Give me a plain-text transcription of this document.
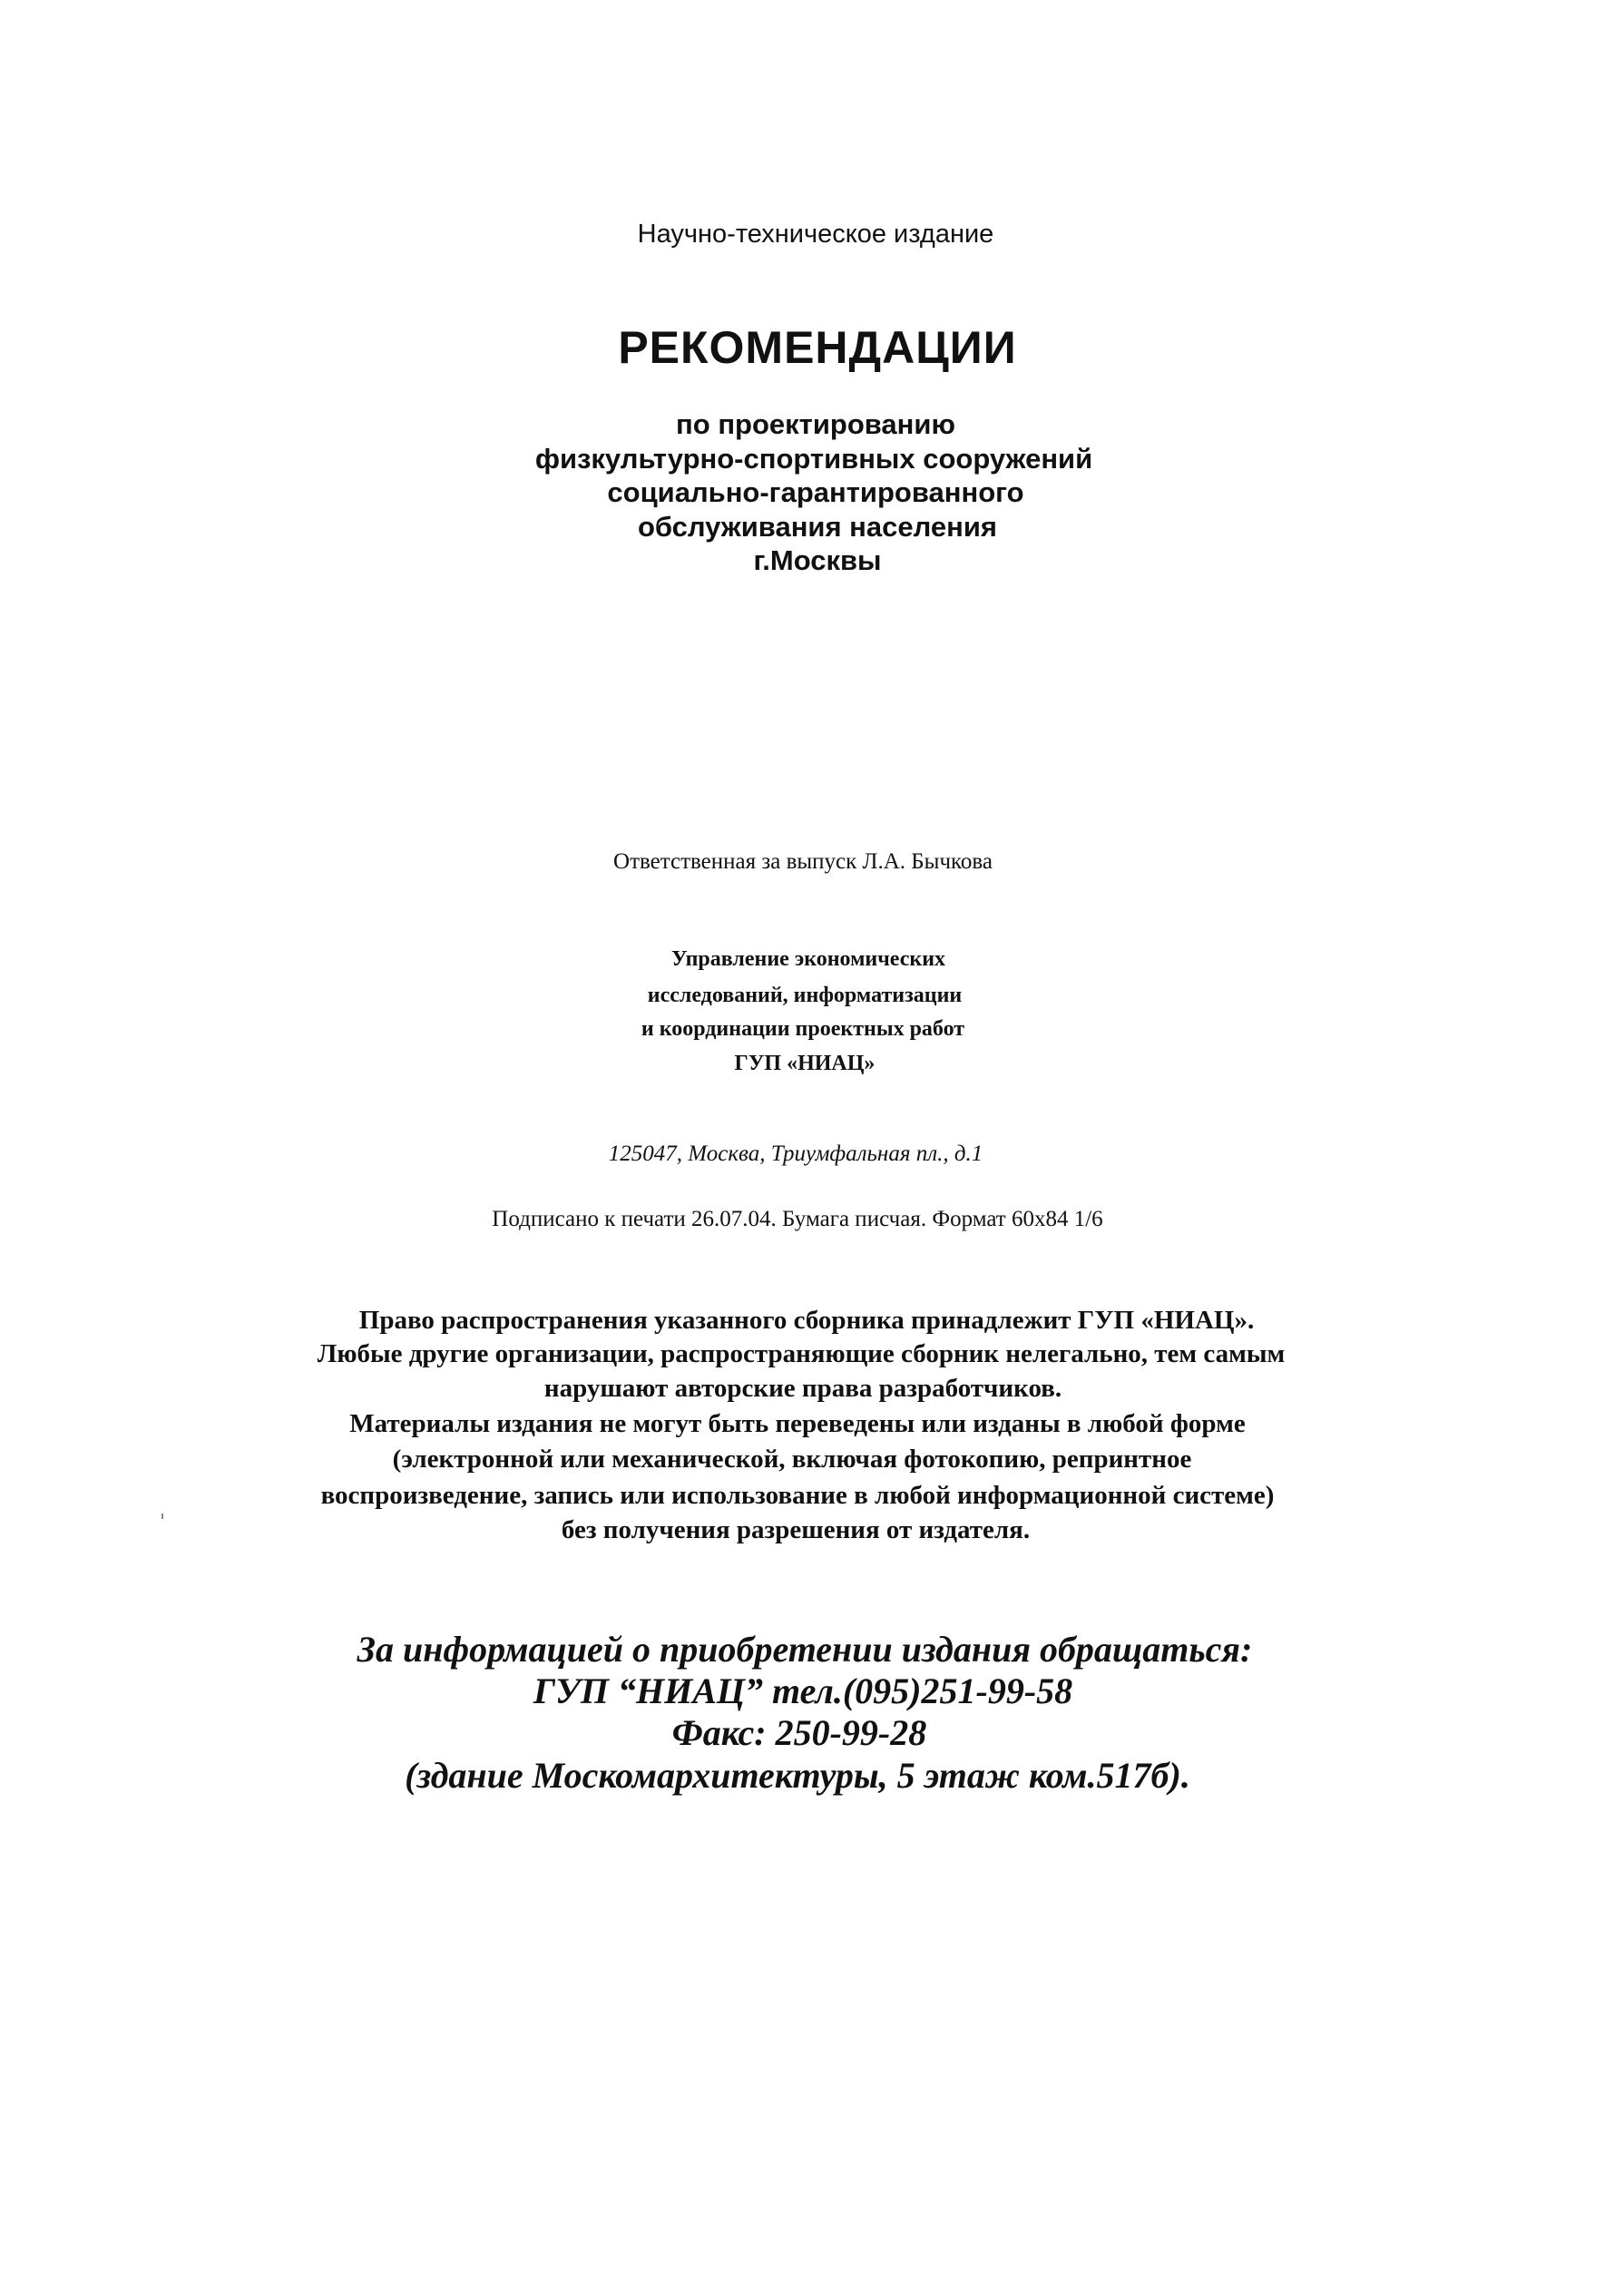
Научно-техническое издание
РЕКОМЕНДАЦИИ
по проектированию
физкультурно-спортивных сооружений
социально-гарантированного
обслуживания населения
г.Москвы
Ответственная за выпуск Л.А. Бычкова
Управление экономических
исследований, информатизации
и координации проектных работ
ГУП «НИАЦ»
125047, Москва, Триумфальная пл., д.1
Подписано к печати 26.07.04. Бумага писчая. Формат 60x84 1/6
Право распространения указанного сборника принадлежит ГУП «НИАЦ».
Любые другие организации, распространяющие сборник нелегально, тем самым
нарушают авторские права разработчиков.
Материалы издания не могут быть переведены или изданы в любой форме
(электронной или механической, включая фотокопию, репринтное
воспроизведение, запись или использование в любой информационной системе)
без получения разрешения от издателя.
За информацией о приобретении издания обращаться:
ГУП “НИАЦ” тел.(095)251-99-58
Факс: 250-99-28
(здание Москомархитектуры, 5 этаж ком.517б).
